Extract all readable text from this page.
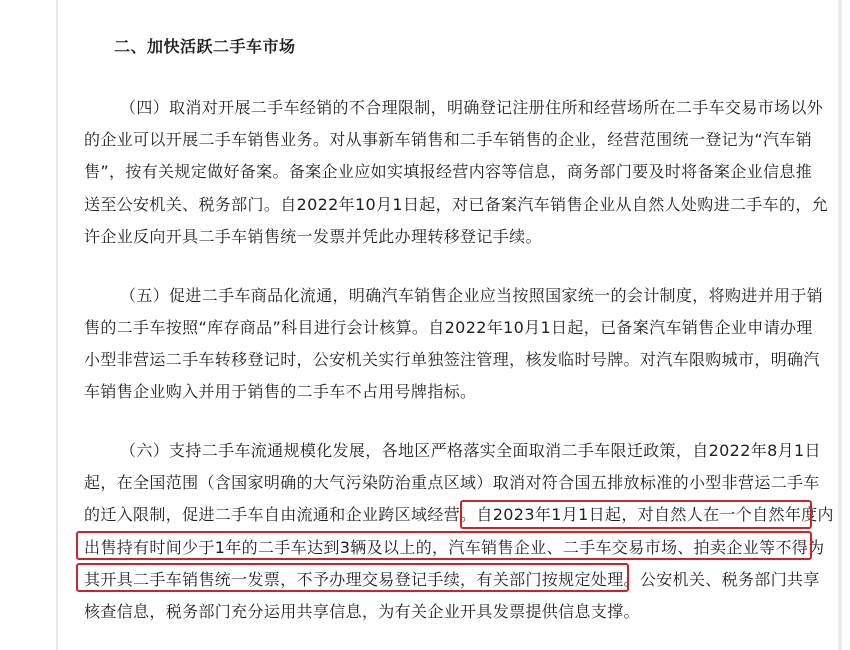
二、加快活跃二手车市场
（四）取消对开展二手车经销的不合理限制，明确登记注册住所和经营场所在二手车交易市场以外
的企业可以开展二手车销售业务。对从事新车销售和二手车销售的企业，经营范围统一登记为“汽车销
售”，按有关规定做好备案。备案企业应如实填报经营内容等信息，商务部门要及时将备案企业信息推
送至公安机关、税务部门。自2022年10月1日起，对已备案汽车销售企业从自然人处购进二手车的，允
许企业反向开具二手车销售统一发票并凭此办理转移登记手续。
（五）促进二手车商品化流通，明确汽车销售企业应当按照国家统一的会计制度，将购进并用于销
售的二手车按照“库存商品”科目进行会计核算。自2022年10月1日起，已备案汽车销售企业申请办理
小型非营运二手车转移登记时，公安机关实行单独签注管理，核发临时号牌。对汽车限购城市，明确汽
车销售企业购入并用于销售的二手车不占用号牌指标。
（六）支持二手车流通规模化发展，各地区严格落实全面取消二手车限迁政策，自2022年8月1日
起，在全国范围（含国家明确的大气污染防治重点区域）取消对符合国五排放标准的小型非营运二手车
的迁入限制，促进二手车自由流通和企业跨区域经营。自2023年1月1日起，对自然人在一个自然年度内
出售持有时间少于1年的二手车达到3辆及以上的，汽车销售企业、二手车交易市场、拍卖企业等不得为
其开具二手车销售统一发票，不予办理交易登记手续，有关部门按规定处理。公安机关、税务部门共享
核查信息，税务部门充分运用共享信息，为有关企业开具发票提供信息支撑。
